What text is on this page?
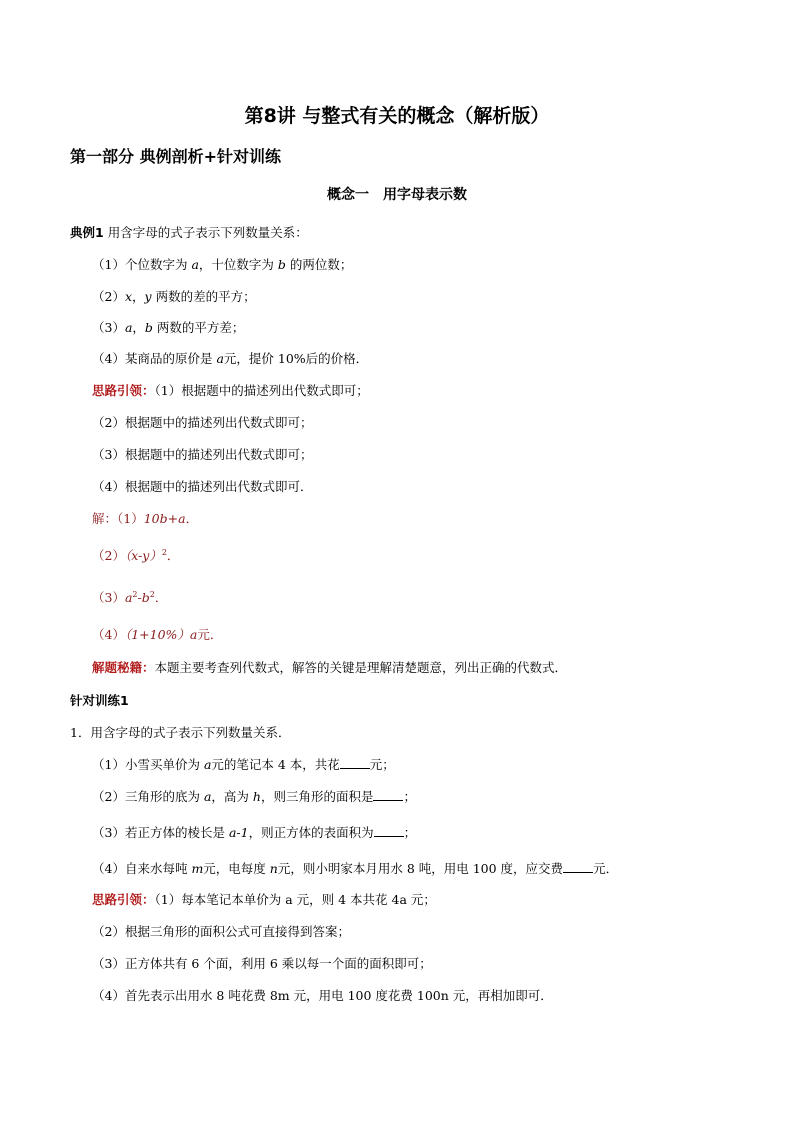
第8讲 与整式有关的概念（解析版）
第一部分 典例剖析+针对训练
概念一　用字母表示数
典例1 用含字母的式子表示下列数量关系：
（1）个位数字为 a，十位数字为 b 的两位数；
（2）x，y 两数的差的平方；
（3）a，b 两数的平方差；
（4）某商品的原价是 a元，提价 10%后的价格．
思路引领：（1）根据题中的描述列出代数式即可；
（2）根据题中的描述列出代数式即可；
（3）根据题中的描述列出代数式即可；
（4）根据题中的描述列出代数式即可．
解：（1）10b+a．
$(2)(x-y)^2$．
$(3)a^2-b^2$．
（4）（1+10%）a元．
解题秘籍：本题主要考查列代数式，解答的关键是理解清楚题意，列出正确的代数式．
针对训练1
1．用含字母的式子表示下列数量关系．
（1）小雪买单价为 a元的笔记本 4 本，共花 元；
（2）三角形的底为 a，高为 h，则三角形的面积是 ；
（3）若正方体的棱长是 a-1，则正方体的表面积为 ；
（4）自来水每吨 m元，电每度 n元，则小明家本月用水 8 吨，用电 100 度，应交费 元．
思路引领：（1）每本笔记本单价为 a 元，则 4 本共花 4a 元；
（2）根据三角形的面积公式可直接得到答案；
（3）正方体共有 6 个面，利用 6 乘以每一个面的面积即可；
（4）首先表示出用水 8 吨花费 8m 元，用电 100 度花费 100n 元，再相加即可．
